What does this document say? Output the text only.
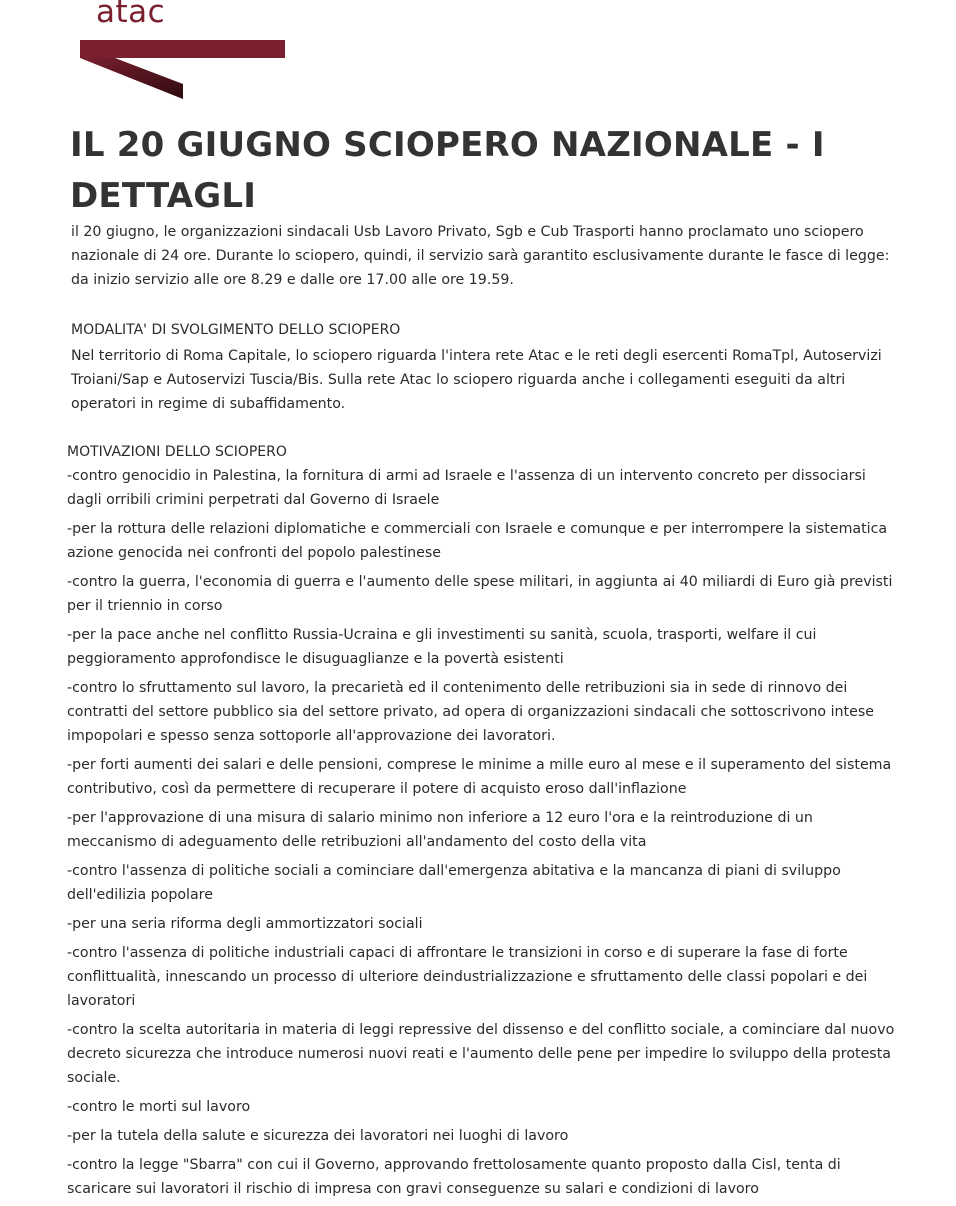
atac
IL 20 GIUGNO SCIOPERO NAZIONALE - I DETTAGLI

il 20 giugno, le organizzazioni sindacali Usb Lavoro Privato, Sgb e Cub Trasporti hanno proclamato uno sciopero nazionale di 24 ore. Durante lo sciopero, quindi, il servizio sarà garantito esclusivamente durante le fasce di legge: da inizio servizio alle ore 8.29 e dalle ore 17.00 alle ore 19.59.

MODALITA' DI SVOLGIMENTO DELLO SCIOPERO

Nel territorio di Roma Capitale, lo sciopero riguarda l'intera rete Atac e le reti degli esercenti RomaTpl, Autoservizi Troiani/Sap e Autoservizi Tuscia/Bis. Sulla rete Atac lo sciopero riguarda anche i collegamenti eseguiti da altri operatori in regime di subaffidamento.

MOTIVAZIONI DELLO SCIOPERO

-contro genocidio in Palestina, la fornitura di armi ad Israele e l'assenza di un intervento concreto per dissociarsi dagli orribili crimini perpetrati dal Governo di Israele
-per la rottura delle relazioni diplomatiche e commerciali con Israele e comunque e per interrompere la sistematica azione genocida nei confronti del popolo palestinese
-contro la guerra, l'economia di guerra e l'aumento delle spese militari, in aggiunta ai 40 miliardi di Euro già previsti per il triennio in corso
-per la pace anche nel conflitto Russia-Ucraina e gli investimenti su sanità, scuola, trasporti, welfare il cui peggioramento approfondisce le disuguaglianze e la povertà esistenti
-contro lo sfruttamento sul lavoro, la precarietà ed il contenimento delle retribuzioni sia in sede di rinnovo dei contratti del settore pubblico sia del settore privato, ad opera di organizzazioni sindacali che sottoscrivono intese impopolari e spesso senza sottoporle all'approvazione dei lavoratori.
-per forti aumenti dei salari e delle pensioni, comprese le minime a mille euro al mese e il superamento del sistema contributivo, così da permettere di recuperare il potere di acquisto eroso dall'inflazione
-per l'approvazione di una misura di salario minimo non inferiore a 12 euro l'ora e la reintroduzione di un meccanismo di adeguamento delle retribuzioni all'andamento del costo della vita
-contro l'assenza di politiche sociali a cominciare dall'emergenza abitativa e la mancanza di piani di sviluppo dell'edilizia popolare
-per una seria riforma degli ammortizzatori sociali
-contro l'assenza di politiche industriali capaci di affrontare le transizioni in corso e di superare la fase di forte conflittualità, innescando un processo di ulteriore deindustrializzazione e sfruttamento delle classi popolari e dei lavoratori
-contro la scelta autoritaria in materia di leggi repressive del dissenso e del conflitto sociale, a cominciare dal nuovo decreto sicurezza che introduce numerosi nuovi reati e l'aumento delle pene per impedire lo sviluppo della protesta sociale.
-contro le morti sul lavoro
-per la tutela della salute e sicurezza dei lavoratori nei luoghi di lavoro
-contro la legge "Sbarra" con cui il Governo, approvando frettolosamente quanto proposto dalla Cisl, tenta di scaricare sui lavoratori il rischio di impresa con gravi conseguenze su salari e condizioni di lavoro
